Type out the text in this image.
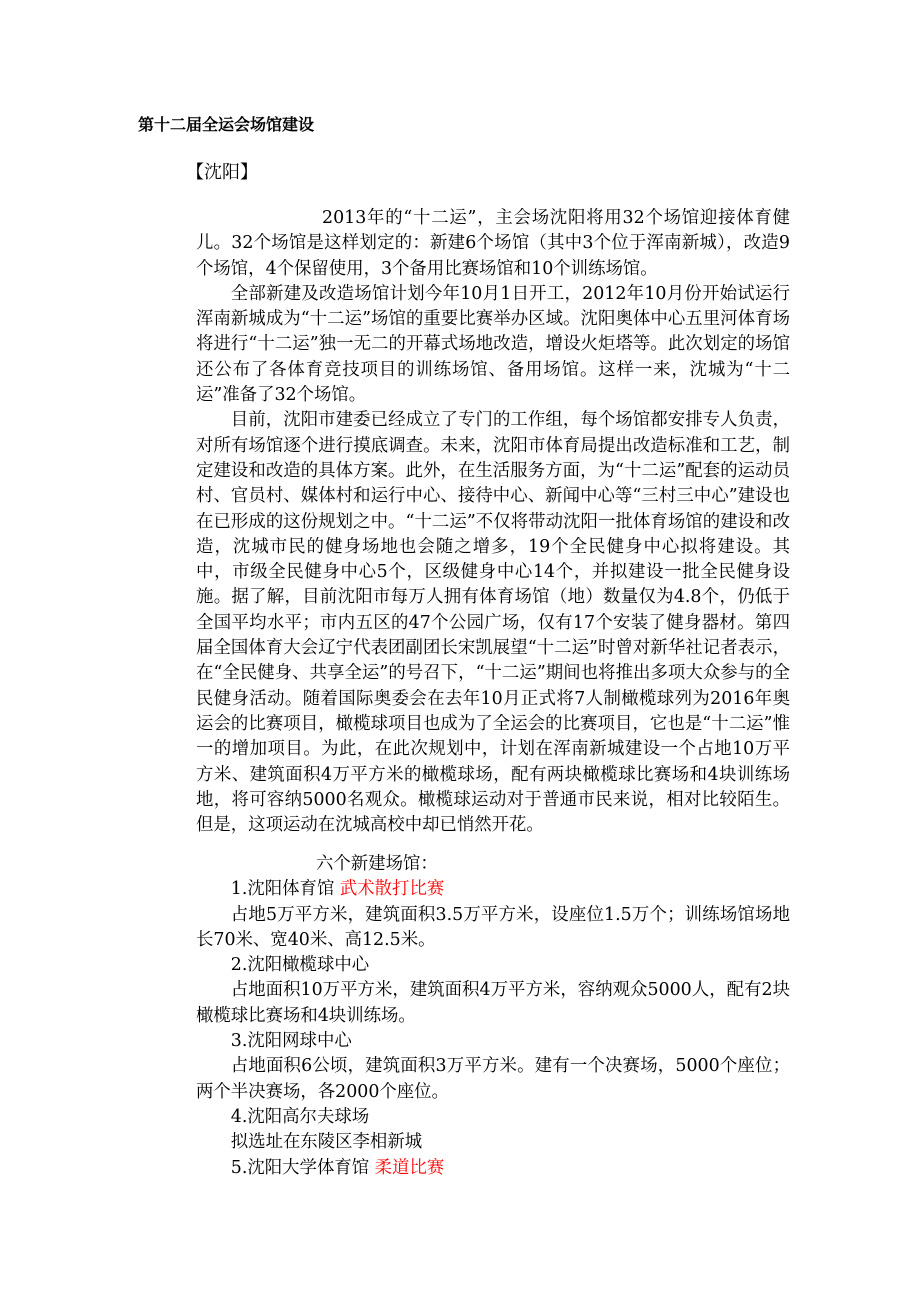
第十二届全运会场馆建设
【沈阳】

2013年的“十二运”，主会场沈阳将用32个场馆迎接体育健儿。32个场馆是这样划定的：新建6个场馆（其中3个位于浑南新城），改造9个场馆，4个保留使用，3个备用比赛场馆和10个训练场馆。

全部新建及改造场馆计划今年10月1日开工，2012年10月份开始试运行浑南新城成为“十二运”场馆的重要比赛举办区域。沈阳奥体中心五里河体育场将进行“十二运”独一无二的开幕式场地改造，增设火炬塔等。此次划定的场馆还公布了各体育竞技项目的训练场馆、备用场馆。这样一来，沈城为“十二运”准备了32个场馆。

目前，沈阳市建委已经成立了专门的工作组，每个场馆都安排专人负责，对所有场馆逐个进行摸底调查。未来，沈阳市体育局提出改造标准和工艺，制定建设和改造的具体方案。此外，在生活服务方面，为“十二运”配套的运动员村、官员村、媒体村和运行中心、接待中心、新闻中心等“三村三中心”建设也在已形成的这份规划之中。“十二运”不仅将带动沈阳一批体育场馆的建设和改造，沈城市民的健身场地也会随之增多，19个全民健身中心拟将建设。其中，市级全民健身中心5个，区级健身中心14个，并拟建设一批全民健身设施。据了解，目前沈阳市每万人拥有体育场馆（地）数量仅为4.8个，仍低于全国平均水平；市内五区的47个公园广场，仅有17个安装了健身器材。第四届全国体育大会辽宁代表团副团长宋凯展望“十二运”时曾对新华社记者表示，在“全民健身、共享全运”的号召下，“十二运”期间也将推出多项大众参与的全民健身活动。随着国际奥委会在去年10月正式将7人制橄榄球列为2016年奥运会的比赛项目，橄榄球项目也成为了全运会的比赛项目，它也是“十二运”惟一的增加项目。为此，在此次规划中，计划在浑南新城建设一个占地10万平方米、建筑面积4万平方米的橄榄球场，配有两块橄榄球比赛场和4块训练场地，将可容纳5000名观众。橄榄球运动对于普通市民来说，相对比较陌生。但是，这项运动在沈城高校中却已悄然开花。

六个新建场馆：

1.沈阳体育馆 武术散打比赛

占地5万平方米，建筑面积3.5万平方米，设座位1.5万个；训练场馆场地长70米、宽40米、高12.5米。

2.沈阳橄榄球中心

占地面积10万平方米，建筑面积4万平方米，容纳观众5000人，配有2块橄榄球比赛场和4块训练场。

3.沈阳网球中心

占地面积6公顷，建筑面积3万平方米。建有一个决赛场，5000个座位；两个半决赛场，各2000个座位。

4.沈阳高尔夫球场

拟选址在东陵区李相新城

5.沈阳大学体育馆 柔道比赛
